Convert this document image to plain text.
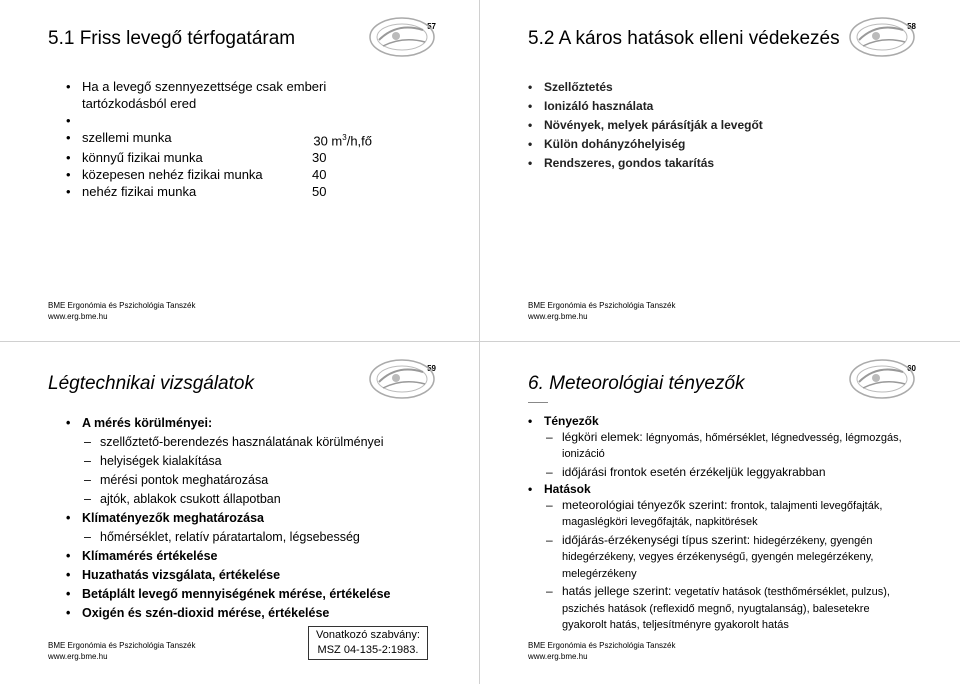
5.1 Friss levegő térfogatáram
57
• Ha a levegő szennyezettsége csak emberi
tartózkodásból ered
•
• szellemi munka	30 $m^3/h,fő$
• könnyű fizikai munka	30
• közepesen nehéz fizikai munka	40
• nehéz fizikai munka	50
BME Ergonómia és Pszichológia Tanszék
www.erg.bme.hu
5.2 A káros hatások elleni védekezés
58
• Szellőztetés
• Ionizáló használata
• Növények, melyek párásítják a levegőt
• Külön dohányzóhelyiség
• Rendszeres, gondos takarítás
BME Ergonómia és Pszichológia Tanszék
www.erg.bme.hu
Légtechnikai vizsgálatok
59
• A mérés körülményei:
– szellőztető-berendezés használatának körülményei
– helyiségek kialakítása
– mérési pontok meghatározása
– ajtók, ablakok csukott állapotban
• Klímatényezők meghatározása
– hőmérséklet, relatív páratartalom, légsebesség
• Klímamérés értékelése
• Huzathatás vizsgálata, értékelése
• Betáplált levegő mennyiségének mérése, értékelése
• Oxigén és szén-dioxid mérése, értékelése
Vonatkozó szabvány:
MSZ 04-135-2:1983.
BME Ergonómia és Pszichológia Tanszék
www.erg.bme.hu
6. Meteorológiai tényezők
60
• Tényezők
– légköri elemek: légnyomás, hőmérséklet, légnedvesség, légmozgás, ionizáció
– időjárási frontok esetén érzékeljük leggyakrabban
• Hatások
– meteorológiai tényezők szerint: frontok, talajmenti levegőfajták, magaslégköri levegőfajták, napkitörések
– időjárás-érzékenységi típus szerint: hidegérzékeny, gyengén hidegérzékeny, vegyes érzékenységű, gyengén melegérzékeny, melegérzékeny
– hatás jellege szerint: vegetatív hatások (testhőmérséklet, pulzus), pszichés hatások (reflexidő megnő, nyugtalanság), balesetekre gyakorolt hatás, teljesítményre gyakorolt hatás
BME Ergonómia és Pszichológia Tanszék
www.erg.bme.hu
